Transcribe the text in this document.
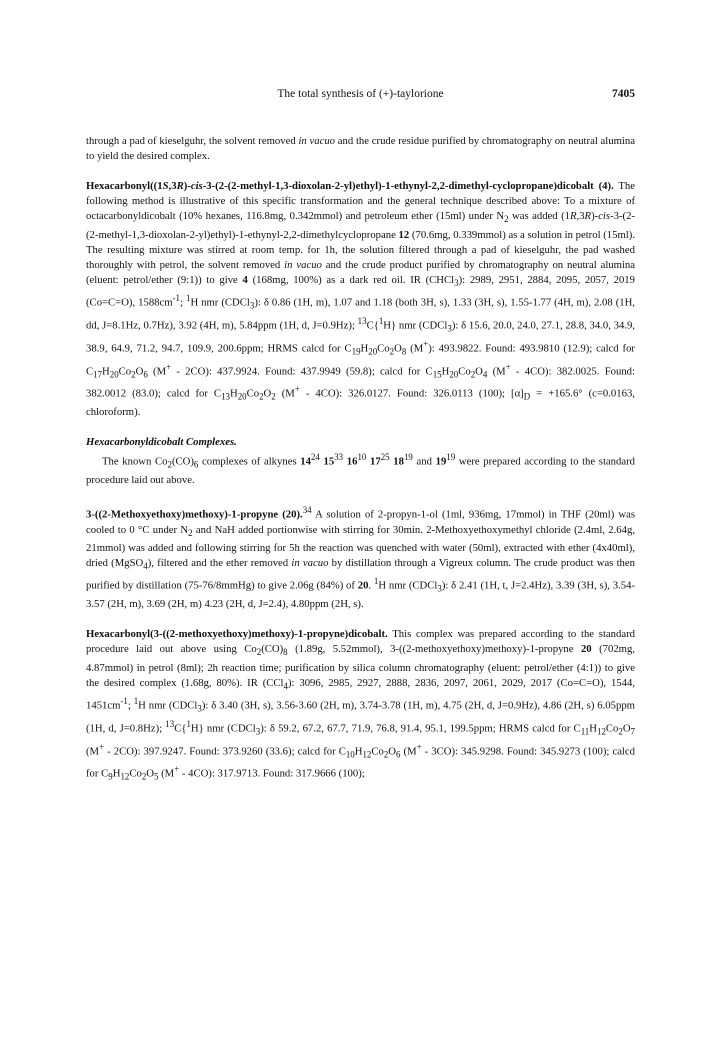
The total synthesis of (+)-taylorione	7405

through a pad of kieselguhr, the solvent removed in vacuo and the crude residue purified by chromatography on neutral alumina to yield the desired complex.

Hexacarbonyl((1S,3R)-cis-3-(2-(2-methyl-1,3-dioxolan-2-yl)ethyl)-1-ethynyl-2,2-dimethyl-cyclopropane)dicobalt (4). The following method is illustrative of this specific transformation and the general technique described above: To a mixture of octacarbonyldicobalt (10% hexanes, 116.8mg, 0.342mmol) and petroleum ether (15ml) under $N_2$ was added (1R,3R)-cis-3-(2-(2-methyl-1,3-dioxolan-2-yl)ethyl)-1-ethynyl-2,2-dimethylcyclopropane 12 (70.6mg, 0.339mmol) as a solution in petrol (15ml). The resulting mixture was stirred at room temp. for 1h, the solution filtered through a pad of kieselguhr, the pad washed thoroughly with petrol, the solvent removed in vacuo and the crude product purified by chromatography on neutral alumina (eluent: petrol/ether (9:1)) to give 4 (168mg, 100%) as a dark red oil. IR (CHCl$_3$): 2989, 2951, 2884, 2095, 2057, 2019 (Co=C=O), $1588cm^{-1}$; $^1$H nmr (CDCl$_3$): δ 0.86 (1H, m), 1.07 and 1.18 (both 3H, s), 1.33 (3H, s), 1.55-1.77 (4H, m), 2.08 (1H, dd, J=8.1Hz, 0.7Hz), 3.92 (4H, m), 5.84ppm (1H, d, J=0.9Hz); $^{13}$C{$^1$H} nmr (CDCl$_3$): δ 15.6, 20.0, 24.0, 27.1, 28.8, 34.0, 34.9, 38.9, 64.9, 71.2, 94.7, 109.9, 200.6ppm; HRMS calcd for $C_{19}H_{20}Co_2O_8$ (M+): 493.9822. Found: 493.9810 (12.9); calcd for $C_{17}H_{20}Co_2O_6$ (M+ - 2CO): 437.9924. Found: 437.9949 (59.8); calcd for $C_{15}H_{20}Co_2O_4$ (M+ - 4CO): 382.0025. Found: 382.0012 (83.0); calcd for $C_{13}H_{20}Co_2O_2$ (M+ - 4CO): 326.0127. Found: 326.0113 (100); $[\alpha]_D = +165.6^\circ$ (c=0.0163, chloroform).

Hexacarbonyldicobalt Complexes.

The known $Co_2(CO)_6$ complexes of alkynes $14^{24}$ $15^{33}$ $16^{10}$ $17^{25}$ $18^{19}$ and $19^{19}$ were prepared according to the standard procedure laid out above.

3-((2-Methoxyethoxy)methoxy)-1-propyne (20).$^{34}$ A solution of 2-propyn-1-ol (1ml, 936mg, 17mmol) in THF (20ml) was cooled to 0 °C under $N_2$ and NaH added portionwise with stirring for 30min. 2-Methoxyethoxymethyl chloride (2.4ml, 2.64g, 21mmol) was added and following stirring for 5h the reaction was quenched with water (50ml), extracted with ether (4x40ml), dried (MgSO$_4$), filtered and the ether removed in vacuo by distillation through a Vigreux column. The crude product was then purified by distillation (75-76/8mmHg) to give 2.06g (84%) of 20. $^1$H nmr (CDCl$_3$): δ 2.41 (1H, t, J=2.4Hz), 3.39 (3H, s), 3.54-3.57 (2H, m), 3.69 (2H, m) 4.23 (2H, d, J=2.4), 4.80ppm (2H, s).

Hexacarbonyl(3-((2-methoxyethoxy)methoxy)-1-propyne)dicobalt. This complex was prepared according to the standard procedure laid out above using $Co_2(CO)_8$ (1.89g, 5.52mmol), 3-((2-methoxyethoxy)methoxy)-1-propyne 20 (702mg, 4.87mmol) in petrol (8ml); 2h reaction time; purification by silica column chromatography (eluent: petrol/ether (4:1)) to give the desired complex (1.68g, 80%). IR (CCl$_4$): 3096, 2985, 2927, 2888, 2836, 2097, 2061, 2029, 2017 (Co=C=O), 1544, $1451cm^{-1}$; $^1$H nmr (CDCl$_3$): δ 3.40 (3H, s), 3.56-3.60 (2H, m), 3.74-3.78 (1H, m), 4.75 (2H, d, J=0.9Hz), 4.86 (2H, s) 6.05ppm (1H, d, J=0.8Hz); $^{13}$C{$^1$H} nmr (CDCl$_3$): δ 59.2, 67.2, 67.7, 71.9, 76.8, 91.4, 95.1, 199.5ppm; HRMS calcd for $C_{11}H_{12}Co_2O_7$ (M+ - 2CO): 397.9247. Found: 373.9260 (33.6); calcd for $C_{10}H_{12}Co_2O_6$ (M+ - 3CO): 345.9298. Found: 345.9273 (100); calcd for $C_9H_{12}Co_2O_5$ (M+ - 4CO): 317.9713. Found: 317.9666 (100);
